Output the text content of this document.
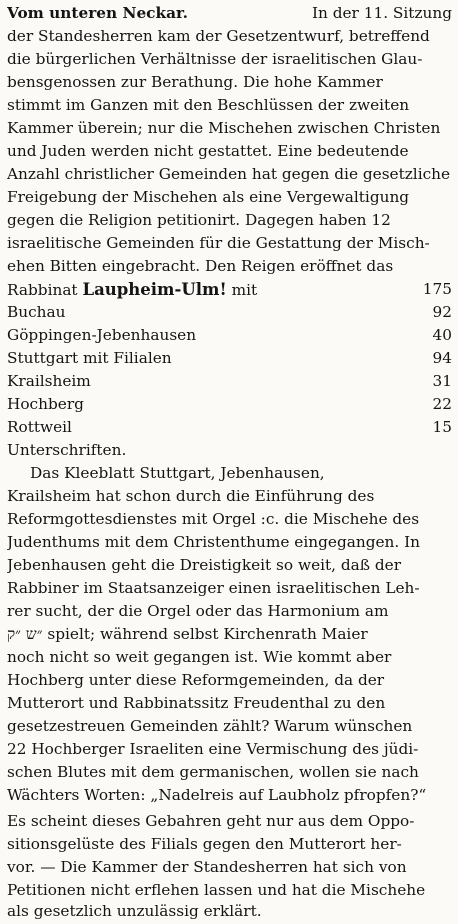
Vom unteren Neckar.	In der 11. Sitzung
der Standesherren kam der Gesetzentwurf, betreffend
die bürgerlichen Verhältnisse der israelitischen Glau-
bensgenossen zur Berathung. Die hohe Kammer
stimmt im Ganzen mit den Beschlüssen der zweiten
Kammer überein; nur die Mischehen zwischen Christen
und Juden werden nicht gestattet. Eine bedeutende
Anzahl christlicher Gemeinden hat gegen die gesetzliche
Freigebung der Mischehen als eine Vergewaltigung
gegen die Religion petitionirt. Dagegen haben 12
israelitische Gemeinden für die Gestattung der Misch-
ehen Bitten eingebracht. Den Reigen eröffnet das
Rabbinat Laupheim-Ulm! mit	175
Buchau	92
Göppingen-Jebenhausen	40
Stuttgart mit Filialen	94
Krailsheim	31
Hochberg	22
Rottweil	15
Unterschriften.
Das Kleeblatt Stuttgart, Jebenhausen,
Krailsheim hat schon durch die Einführung des
Reformgottesdienstes mit Orgel :c. die Mischehe des
Judenthums mit dem Christenthume eingegangen. In
Jebenhausen geht die Dreistigkeit so weit, daß der
Rabbiner im Staatsanzeiger einen israelitischen Leh-
rer sucht, der die Orgel oder das Harmonium am
״ש ״ק spielt; während selbst Kirchenrath Maier
noch nicht so weit gegangen ist. Wie kommt aber
Hochberg unter diese Reformgemeinden, da der
Mutterort und Rabbinatssitz Freudenthal zu den
gesetzestreuen Gemeinden zählt? Warum wünschen
22 Hochberger Israeliten eine Vermischung des jüdi-
schen Blutes mit dem germanischen, wollen sie nach
Wächters Worten: „Nadelreis auf Laubholz pfropfen?“
Es scheint dieses Gebahren geht nur aus dem Oppo-
sitionsgelüste des Filials gegen den Mutterort her-
vor. — Die Kammer der Standesherren hat sich von
Petitionen nicht erflehen lassen und hat die Mischehe
als gesetzlich unzulässig erklärt.
